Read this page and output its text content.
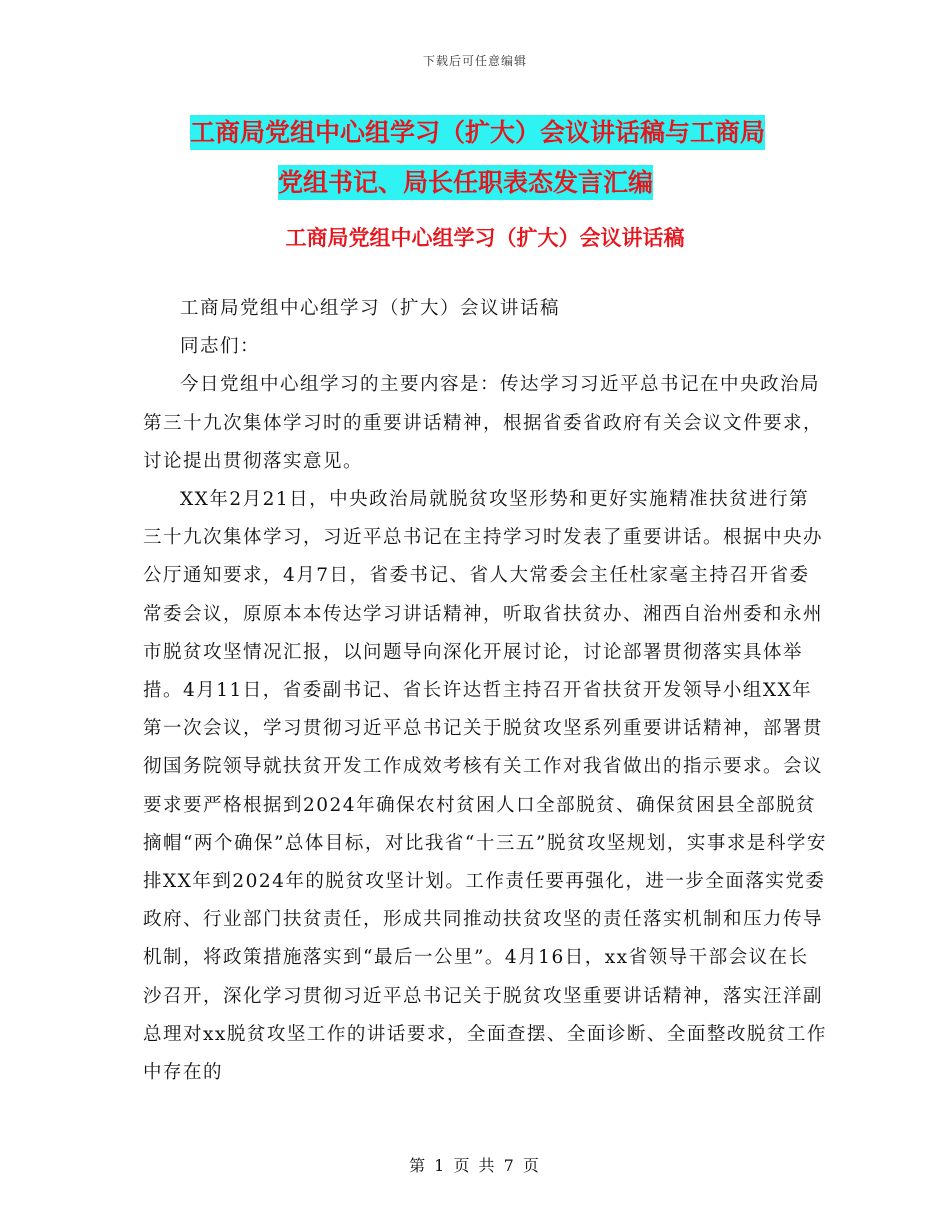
下载后可任意编辑
工商局党组中心组学习（扩大）会议讲话稿与工商局
党组书记、局长任职表态发言汇编
工商局党组中心组学习（扩大）会议讲话稿

工商局党组中心组学习（扩大）会议讲话稿

同志们：

今日党组中心组学习的主要内容是：传达学习习近平总书记在中央政治局第三十九次集体学习时的重要讲话精神，根据省委省政府有关会议文件要求，讨论提出贯彻落实意见。

XX年2月21日，中央政治局就脱贫攻坚形势和更好实施精准扶贫进行第三十九次集体学习，习近平总书记在主持学习时发表了重要讲话。根据中央办公厅通知要求，4月7日，省委书记、省人大常委会主任杜家毫主持召开省委常委会议，原原本本传达学习讲话精神，听取省扶贫办、湘西自治州委和永州市脱贫攻坚情况汇报，以问题导向深化开展讨论，讨论部署贯彻落实具体举措。4月11日，省委副书记、省长许达哲主持召开省扶贫开发领导小组XX年第一次会议，学习贯彻习近平总书记关于脱贫攻坚系列重要讲话精神，部署贯彻国务院领导就扶贫开发工作成效考核有关工作对我省做出的指示要求。会议要求要严格根据到2024年确保农村贫困人口全部脱贫、确保贫困县全部脱贫摘帽“两个确保”总体目标，对比我省“十三五”脱贫攻坚规划，实事求是科学安排XX年到2024年的脱贫攻坚计划。工作责任要再强化，进一步全面落实党委政府、行业部门扶贫责任，形成共同推动扶贫攻坚的责任落实机制和压力传导机制，将政策措施落实到“最后一公里”。4月16日，xx省领导干部会议在长沙召开，深化学习贯彻习近平总书记关于脱贫攻坚重要讲话精神，落实汪洋副总理对xx脱贫攻坚工作的讲话要求，全面查摆、全面诊断、全面整改脱贫工作中存在的

第 1 页 共 7 页
